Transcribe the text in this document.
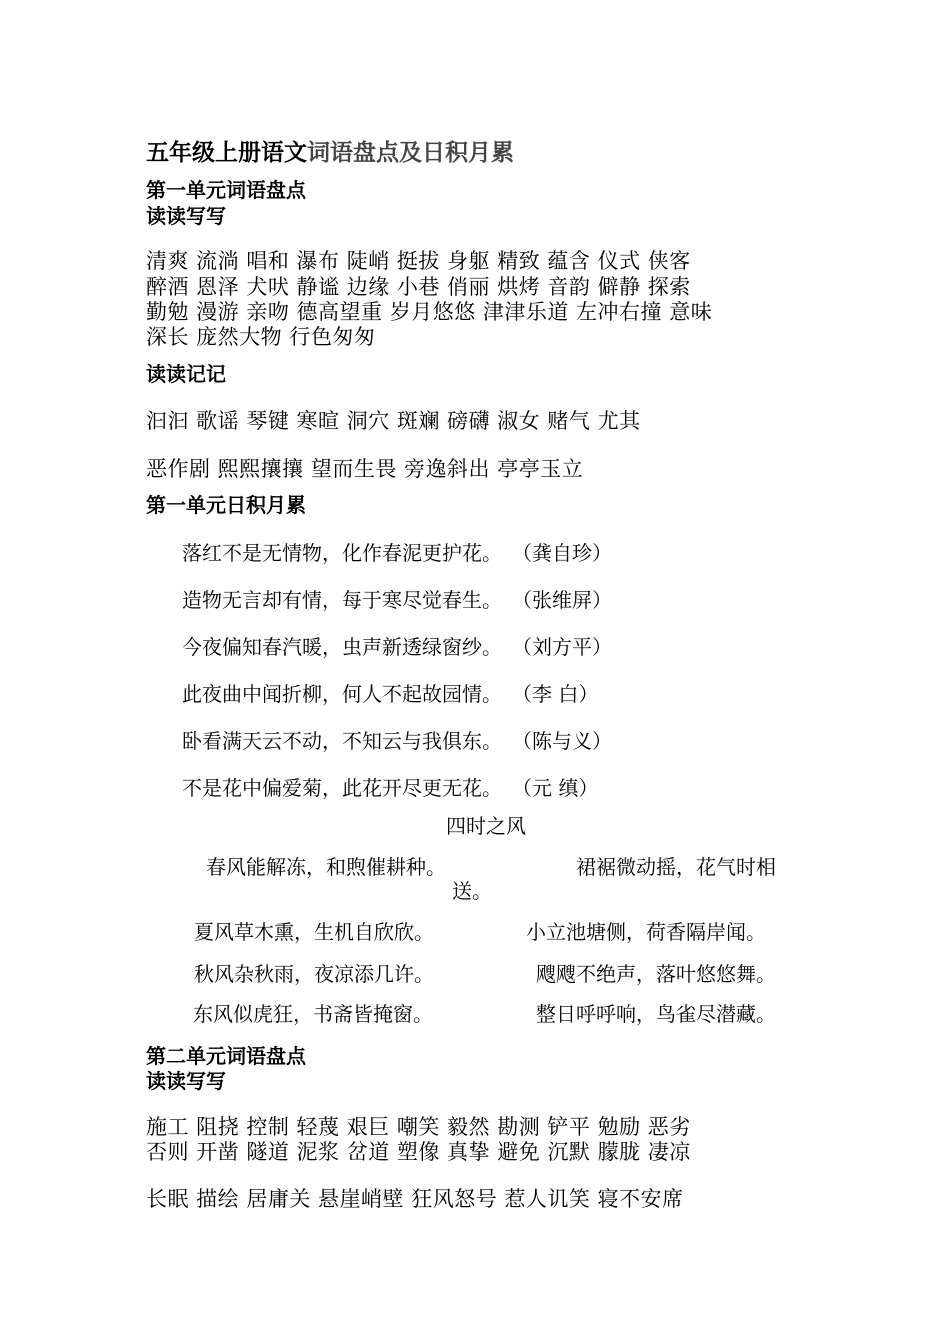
五年级上册语文词语盘点及日积月累
第一单元词语盘点
读读写写
清爽 流淌 唱和 瀑布 陡峭 挺拔 身躯 精致 蕴含 仪式 侠客
醉酒 恩泽 犬吠 静谧 边缘 小巷 俏丽 烘烤 音韵 僻静 探索
勤勉 漫游 亲吻 德高望重 岁月悠悠 津津乐道 左冲右撞 意味
深长 庞然大物 行色匆匆
读读记记
汩汩 歌谣 琴键 寒暄 洞穴 斑斓 磅礴 淑女 赌气 尤其
恶作剧 熙熙攘攘 望而生畏 旁逸斜出 亭亭玉立
第一单元日积月累
落红不是无情物，化作春泥更护花。 （龚自珍）
造物无言却有情，每于寒尽觉春生。 （张维屏）
今夜偏知春汽暖，虫声新透绿窗纱。 （刘方平）
此夜曲中闻折柳，何人不起故园情。 （李 白）
卧看满天云不动，不知云与我俱东。 （陈与义）
不是花中偏爱菊，此花开尽更无花。 （元 缜）
四时之风
春风能解冻，和煦催耕种。	裙裾微动摇，花气时相
送。
夏风草木熏，生机自欣欣。	小立池塘侧，荷香隔岸闻。
秋风杂秋雨，夜凉添几许。	飕飕不绝声，落叶悠悠舞。
东风似虎狂，书斋皆掩窗。	整日呼呼响，鸟雀尽潜藏。
第二单元词语盘点
读读写写
施工 阻挠 控制 轻蔑 艰巨 嘲笑 毅然 勘测 铲平 勉励 恶劣
否则 开凿 隧道 泥浆 岔道 塑像 真挚 避免 沉默 朦胧 凄凉
长眠 描绘 居庸关 悬崖峭壁 狂风怒号 惹人讥笑 寝不安席
